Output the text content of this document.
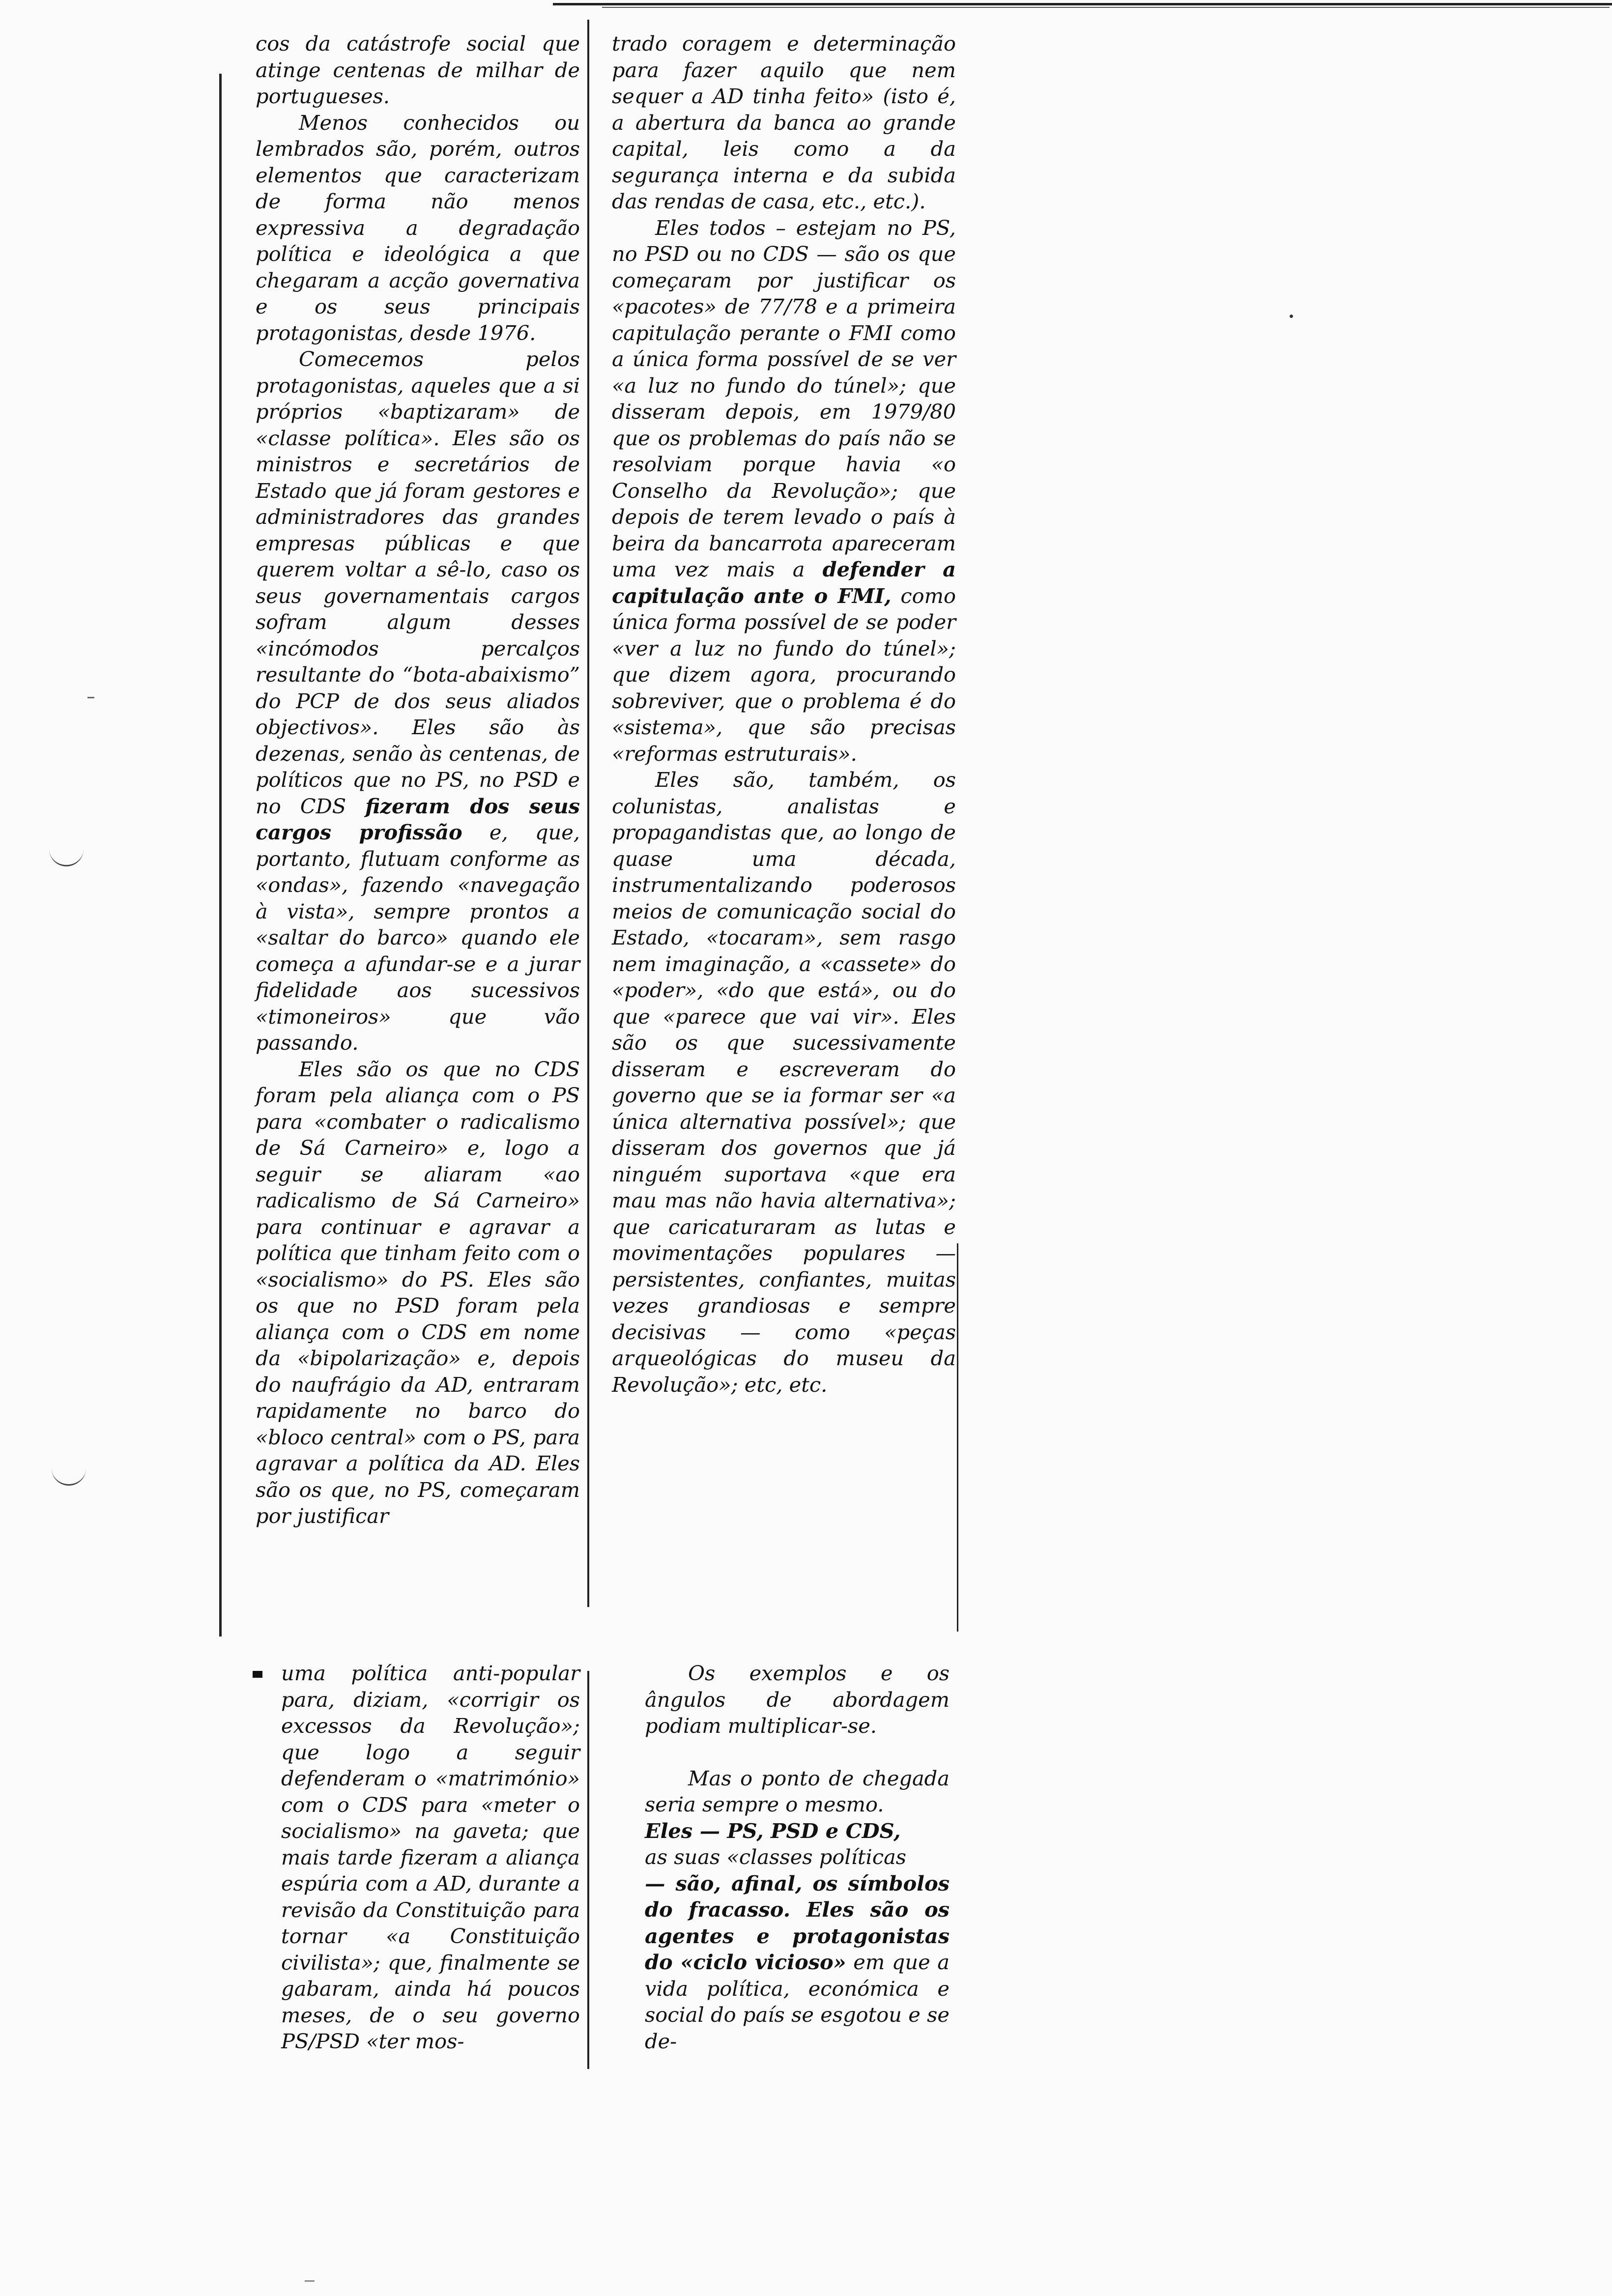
cos da catástrofe social que atinge centenas de milhar de portugueses.

Menos conhecidos ou lembrados são, porém, outros elementos que caracterizam de forma não menos expressiva a degradação política e ideológica a que chegaram a acção governativa e os seus principais protagonistas, desde 1976.

Comecemos pelos protagonistas, aqueles que a si próprios «baptizaram» de «classe política». Eles são os ministros e secretários de Estado que já foram gestores e administradores das grandes empresas públicas e que querem voltar a sê-lo, caso os seus governamentais cargos sofram algum desses «incómodos percalços resultante do “bota-abaixismo” do PCP de dos seus aliados objectivos». Eles são às dezenas, senão às centenas, de políticos que no PS, no PSD e no CDS fizeram dos seus cargos profissão e, que, portanto, flutuam conforme as «ondas», fazendo «navegação à vista», sempre prontos a «saltar do barco» quando ele começa a afundar-se e a jurar fidelidade aos sucessivos «timoneiros» que vão passando.

Eles são os que no CDS foram pela aliança com o PS para «combater o radicalismo de Sá Carneiro» e, logo a seguir se aliaram «ao radicalismo de Sá Carneiro» para continuar e agravar a política que tinham feito com o «socialismo» do PS. Eles são os que no PSD foram pela aliança com o CDS em nome da «bipolarização» e, depois do naufrágio da AD, entraram rapidamente no barco do «bloco central» com o PS, para agravar a política da AD. Eles são os que, no PS, começaram por justificar

trado coragem e determinação para fazer aquilo que nem sequer a AD tinha feito» (isto é, a abertura da banca ao grande capital, leis como a da segurança interna e da subida das rendas de casa, etc., etc.).

Eles todos – estejam no PS, no PSD ou no CDS — são os que começaram por justificar os «pacotes» de 77/78 e a primeira capitulação perante o FMI como a única forma possível de se ver «a luz no fundo do túnel»; que disseram depois, em 1979/80 que os problemas do país não se resolviam porque havia «o Conselho da Revolução»; que depois de terem levado o país à beira da bancarrota apareceram uma vez mais a defender a capitulação ante o FMI, como única forma possível de se poder «ver a luz no fundo do túnel»; que dizem agora, procurando sobreviver, que o problema é do «sistema», que são precisas «reformas estruturais».

Eles são, também, os colunistas, analistas e propagandistas que, ao longo de quase uma década, instrumentalizando poderosos meios de comunicação social do Estado, «tocaram», sem rasgo nem imaginação, a «cassete» do «poder», «do que está», ou do que «parece que vai vir». Eles são os que sucessivamente disseram e escreveram do governo que se ia formar ser «a única alternativa possível»; que disseram dos governos que já ninguém suportava «que era mau mas não havia alternativa»; que caricaturaram as lutas e movimentações populares — persistentes, confiantes, muitas vezes grandiosas e sempre decisivas — como «peças arqueológicas do museu da Revolução»; etc, etc.

uma política anti-popular para, diziam, «corrigir os excessos da Revolução»; que logo a seguir defenderam o «matrimónio» com o CDS para «meter o socialismo» na gaveta; que mais tarde fizeram a aliança espúria com a AD, durante a revisão da Constituição para tornar «a Constituição civilista»; que, finalmente se gabaram, ainda há poucos meses, de o seu governo PS/PSD «ter mos-

Os exemplos e os ângulos de abordagem podiam multiplicar-se.

Mas o ponto de chegada seria sempre o mesmo.
Eles — PS, PSD e CDS,
as suas «classes políticas
— são, afinal, os símbolos do fracasso. Eles são os agentes e protagonistas do «ciclo vicioso» em que a vida política, económica e social do país se esgotou e se de-
